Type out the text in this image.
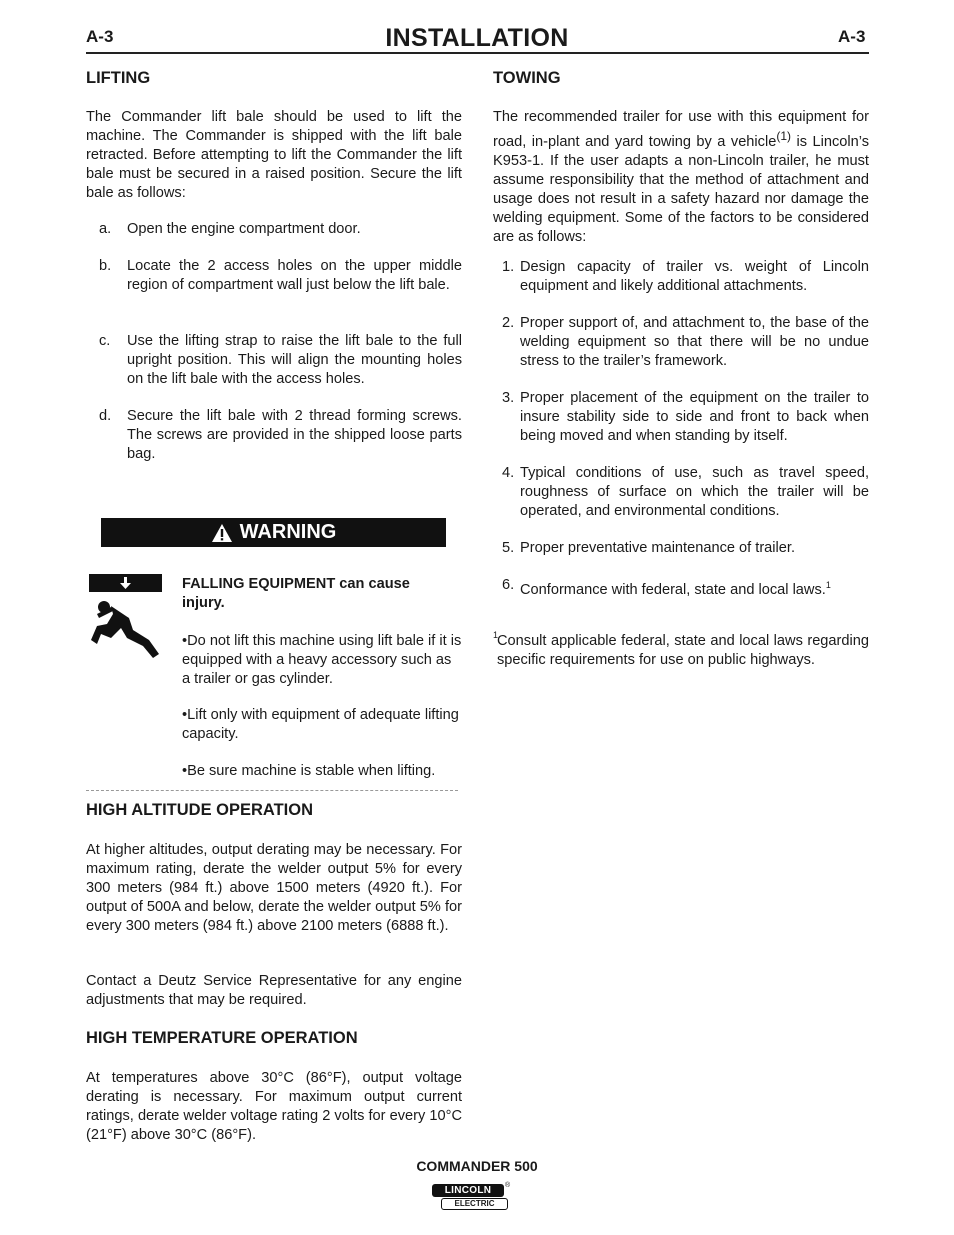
A-3	INSTALLATION	A-3
LIFTING
The Commander lift bale should be used to lift the machine. The Commander is shipped with the lift bale retracted. Before attempting to lift the Commander the lift bale must be secured in a raised position. Secure the lift bale as follows:
a. Open the engine compartment door.
b. Locate the 2 access holes on the upper middle region of compartment wall just below the lift bale.
c. Use the lifting strap to raise the lift bale to the full upright position. This will align the mounting holes on the lift bale with the access holes.
d. Secure the lift bale with 2 thread forming screws. The screws are provided in the shipped loose parts bag.
WARNING
FALLING EQUIPMENT can cause injury.
•Do not lift this machine using lift bale if it is equipped with a heavy accessory such as a trailer or gas cylinder.
•Lift only with equipment of adequate lifting capacity.
•Be sure machine is stable when lifting.
HIGH ALTITUDE OPERATION
At higher altitudes, output derating may be necessary. For maximum rating, derate the welder output 5% for every 300 meters (984 ft.) above 1500 meters (4920 ft.). For output of 500A and below, derate the welder output 5% for every 300 meters (984 ft.) above 2100 meters (6888 ft.).
Contact a Deutz Service Representative for any engine adjustments that may be required.
HIGH TEMPERATURE OPERATION
At temperatures above 30°C (86°F), output voltage derating is necessary. For maximum output current ratings, derate welder voltage rating 2 volts for every 10°C (21°F) above 30°C (86°F).
TOWING
The recommended trailer for use with this equipment for road, in-plant and yard towing by a vehicle$^{(1)}$ is Lincoln’s K953-1. If the user adapts a non-Lincoln trailer, he must assume responsibility that the method of attachment and usage does not result in a safety hazard nor damage the welding equipment. Some of the factors to be considered are as follows:
1. Design capacity of trailer vs. weight of Lincoln equipment and likely additional attachments.
2. Proper support of, and attachment to, the base of the welding equipment so that there will be no undue stress to the trailer’s framework.
3. Proper placement of the equipment on the trailer to insure stability side to side and front to back when being moved and when standing by itself.
4. Typical conditions of use, such as travel speed, roughness of surface on which the trailer will be operated, and environmental conditions.
5. Proper preventative maintenance of trailer.
6. Conformance with federal, state and local laws.$^1$
1
Consult applicable federal, state and local laws regarding specific requirements for use on public highways.
COMMANDER 500
LINCOLN	®
ELECTRIC
